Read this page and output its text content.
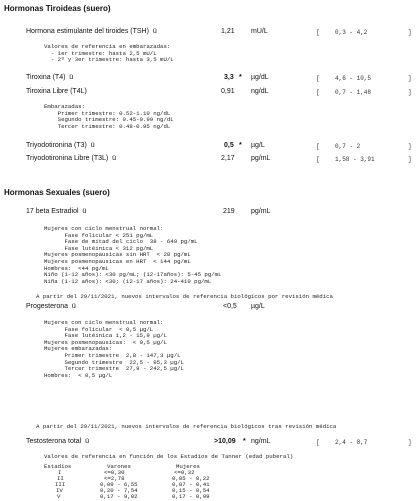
Hormonas Tiroideas (suero)
Hormona estimulante del tiroides (TSH)  ü	1,21 mU/L	[	0,3 - 4,2	]
Valores de referencia en embarazadas:
- 1er trimestre: hasta 2,5 mU/L
- 2º y 3er trimestre: hasta 3,5 mU/L
Tiroxina (T4)  ü	3,3 * µg/dL	[	4,6 - 10,5	]
Tiroxina Libre (T4L)	0,91 ng/dL	[	0,7 - 1,48	]
Embarazadas:
Primer trimestre: 0.52-1.10 ng/dL
Segundo trimestre: 0.45-0.99 ng/dL
Tercer trimestre: 0.48-0.95 ng/dL
Triyodotironina (T3)  ü	0,5 * µg/L	[	0,7 - 2	]
Triyodotironina Libre (T3L)  ü	2,17 pg/mL	[	1,58 - 3,91	]
Hormonas Sexuales (suero)
17 beta Estradiol  ü	219 pg/mL
Mujeres con ciclo menstrual normal:
Fase folicular < 251 pg/mL
Fase de mitad del ciclo  38 - 649 pg/mL
Fase lutéinica < 312 pg/mL
Mujeres posmenopausicas sin HRT  < 28 pg/mL
Mujeres posmenopausicas en HRT  < 144 pg/mL
Hombres:  <44 pg/mL
Niño (1-12 años): <30 pg/mL; (12-17años): 5-45 pg/mL
Niña (1-12 años): <30; (12-17 años): 24-410 pg/mL
A partir del 29/11/2021, nuevos intervalos de referencia biológicos por revisión médica
Progesterona  ü	<0,5 µg/L
Mujeres con ciclo menstrual normal:
Fase folicular  < 0,5 µg/L
Fase lutéinica 1,2 - 15,9 µg/L
Mujeres posmenopausicas:  < 0,5 µg/L
Mujeres embarazadas:
Primer trimestre  2,8 - 147,3 µg/L
Segundo trimestre  22,5 - 95,3 µg/L
Tercer trimestre  27,9 - 242,5 µg/L
Hombres:  < 0,5 µg/L
A partir del 29/11/2021, nuevos intervalos de referencia biológicos tras revisión médica
Testosterona total  ü	>10,09 * ng/mL	[	2,4 - 8,7	]
Valores de referencia en función de los Estadíos de Tanner (edad puberal)
Estadíos	Varones	Mujeres
I	<=0,30	<=0,32
II	<=2,78	0,05 - 0,22
III	0,09 - 6,55	0,07 - 0,41
IV	0,20 - 7,54	0,15 - 0,54
V	0,17 - 9,02	0,17 - 0,99
